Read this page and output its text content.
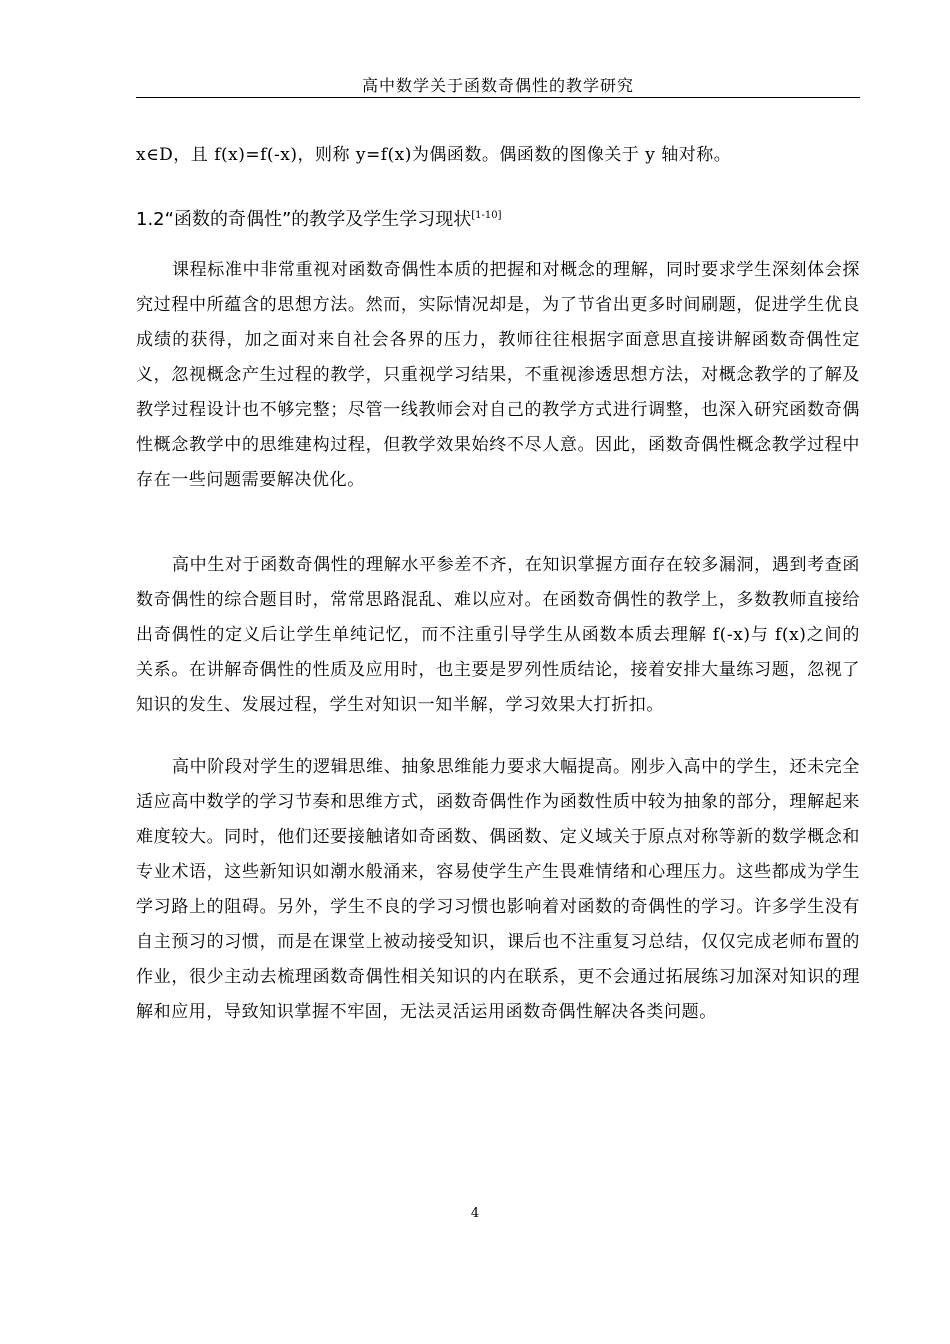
高中数学关于函数奇偶性的教学研究

x∈D，且 f(x)=f(-x)，则称 y=f(x)为偶函数。偶函数的图像关于 y 轴对称。

1.2“函数的奇偶性”的教学及学生学习现状[1-10]

课程标准中非常重视对函数奇偶性本质的把握和对概念的理解，同时要求学生深刻体会探究过程中所蕴含的思想方法。然而，实际情况却是，为了节省出更多时间刷题，促进学生优良成绩的获得，加之面对来自社会各界的压力，教师往往根据字面意思直接讲解函数奇偶性定义，忽视概念产生过程的教学，只重视学习结果，不重视渗透思想方法，对概念教学的了解及教学过程设计也不够完整；尽管一线教师会对自己的教学方式进行调整，也深入研究函数奇偶性概念教学中的思维建构过程，但教学效果始终不尽人意。因此，函数奇偶性概念教学过程中存在一些问题需要解决优化。

高中生对于函数奇偶性的理解水平参差不齐，在知识掌握方面存在较多漏洞，遇到考查函数奇偶性的综合题目时，常常思路混乱、难以应对。在函数奇偶性的教学上，多数教师直接给出奇偶性的定义后让学生单纯记忆，而不注重引导学生从函数本质去理解 f(-x)与 f(x)之间的关系。在讲解奇偶性的性质及应用时，也主要是罗列性质结论，接着安排大量练习题，忽视了知识的发生、发展过程，学生对知识一知半解，学习效果大打折扣。

高中阶段对学生的逻辑思维、抽象思维能力要求大幅提高。刚步入高中的学生，还未完全适应高中数学的学习节奏和思维方式，函数奇偶性作为函数性质中较为抽象的部分，理解起来难度较大。同时，他们还要接触诸如奇函数、偶函数、定义域关于原点对称等新的数学概念和专业术语，这些新知识如潮水般涌来，容易使学生产生畏难情绪和心理压力。这些都成为学生学习路上的阻碍。另外，学生不良的学习习惯也影响着对函数的奇偶性的学习。许多学生没有自主预习的习惯，而是在课堂上被动接受知识，课后也不注重复习总结，仅仅完成老师布置的作业，很少主动去梳理函数奇偶性相关知识的内在联系，更不会通过拓展练习加深对知识的理解和应用，导致知识掌握不牢固，无法灵活运用函数奇偶性解决各类问题。

4
